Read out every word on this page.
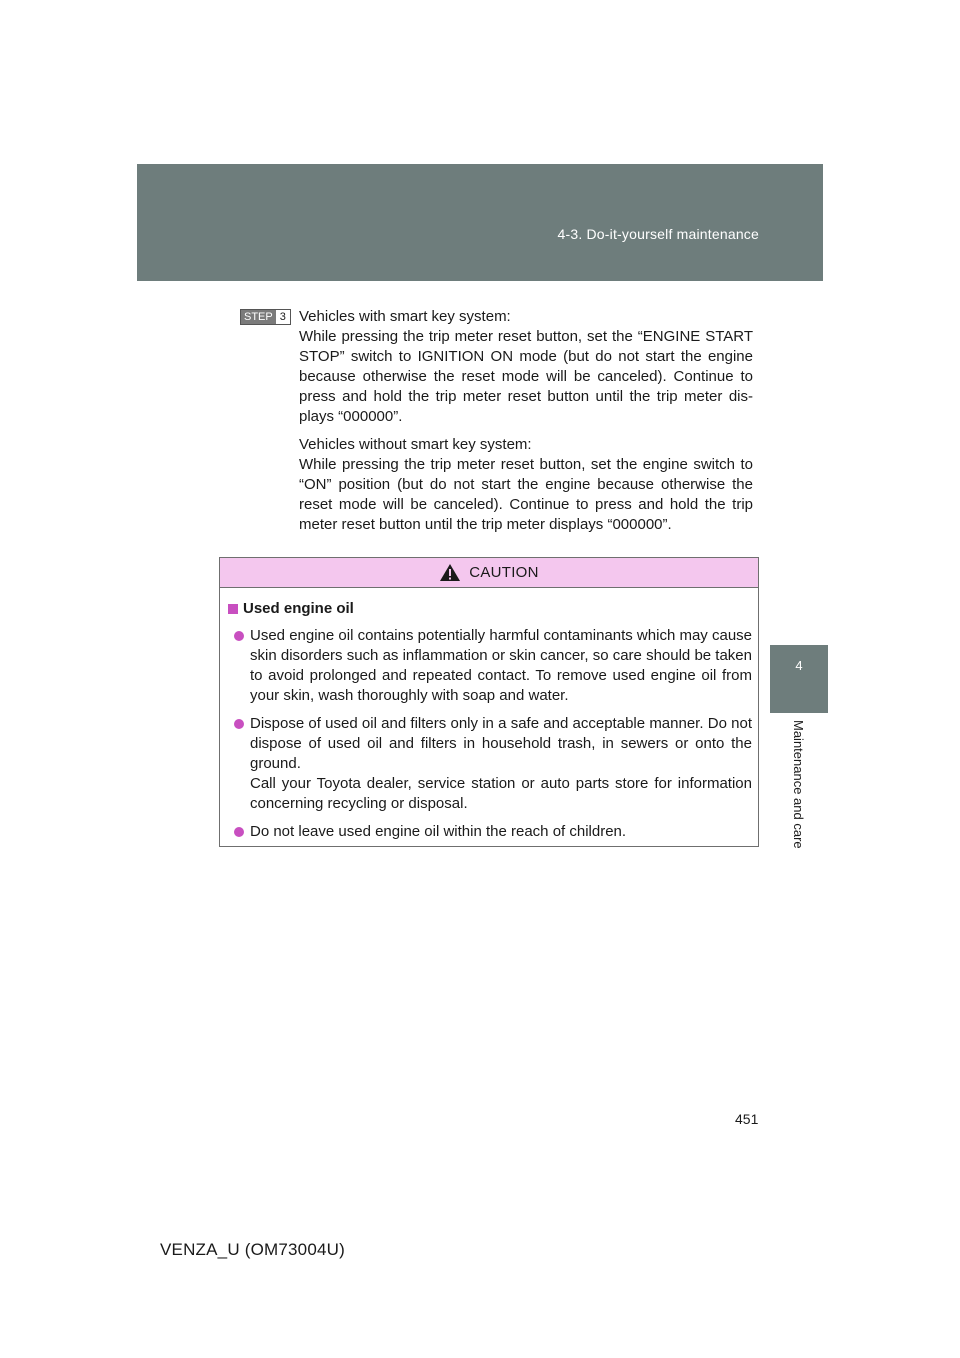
4-3. Do-it-yourself maintenance
4
Maintenance and care
STEP 3 Vehicles with smart key system:
While pressing the trip meter reset button, set the “ENGINE START STOP” switch to IGNITION ON mode (but do not start the engine because otherwise the reset mode will be canceled). Continue to press and hold the trip meter reset button until the trip meter dis-plays “000000”.

Vehicles without smart key system:
While pressing the trip meter reset button, set the engine switch to “ON” position (but do not start the engine because otherwise the reset mode will be canceled). Continue to press and hold the trip meter reset button until the trip meter displays “000000”.

CAUTION
Used engine oil
Used engine oil contains potentially harmful contaminants which may cause skin disorders such as inflammation or skin cancer, so care should be taken to avoid prolonged and repeated contact. To remove used engine oil from your skin, wash thoroughly with soap and water.
Dispose of used oil and filters only in a safe and acceptable manner. Do not dispose of used oil and filters in household trash, in sewers or onto the ground.
Call your Toyota dealer, service station or auto parts store for information concerning recycling or disposal.
Do not leave used engine oil within the reach of children.
451
VENZA_U (OM73004U)
